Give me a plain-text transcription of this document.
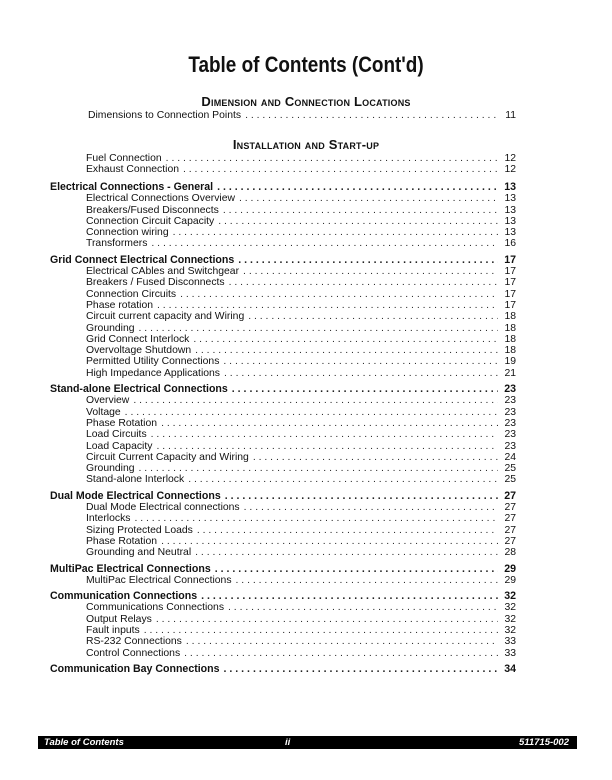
Table of Contents (Cont'd)
Dimension and Connection Locations
Dimensions to Connection Points . . .	11
Installation and Start-up
Fuel Connection . . .	12
Exhaust Connection . . .	12
Electrical Connections - General . . .	13
Electrical Connections Overview . . .	13
Breakers/Fused Disconnects . . .	13
Connection Circuit Capacity . . .	13
Connection wiring . . .	13
Transformers . . .	16
Grid Connect Electrical Connections . . .	17
Electrical CAbles and Switchgear . . .	17
Breakers / Fused Disconnects . . .	17
Connection Circuits . . .	17
Phase rotation . . .	17
Circuit current capacity and Wiring . . .	18
Grounding . . .	18
Grid Connect Interlock . . .	18
Overvoltage Shutdown . . .	18
Permitted Utility Connections . . .	19
High Impedance Applications . . .	21
Stand-alone Electrical Connections . . .	23
Overview . . .	23
Voltage . . .	23
Phase Rotation . . .	23
Load Circuits . . .	23
Load Capacity . . .	23
Circuit Current Capacity and Wiring . . .	24
Grounding . . .	25
Stand-alone Interlock . . .	25
Dual Mode Electrical Connections . . .	27
Dual Mode Electrical connections . . .	27
Interlocks . . .	27
Sizing Protected Loads . . .	27
Phase Rotation . . .	27
Grounding and Neutral . . .	28
MultiPac Electrical Connections . . .	29
MultiPac Electrical Connections . . .	29
Communication Connections . . .	32
Communications Connections . . .	32
Output Relays . . .	32
Fault inputs . . .	32
RS-232 Connections . . .	33
Control Connections . . .	33
Communication Bay Connections . . .	34
Table of Contents	ii	511715-002
